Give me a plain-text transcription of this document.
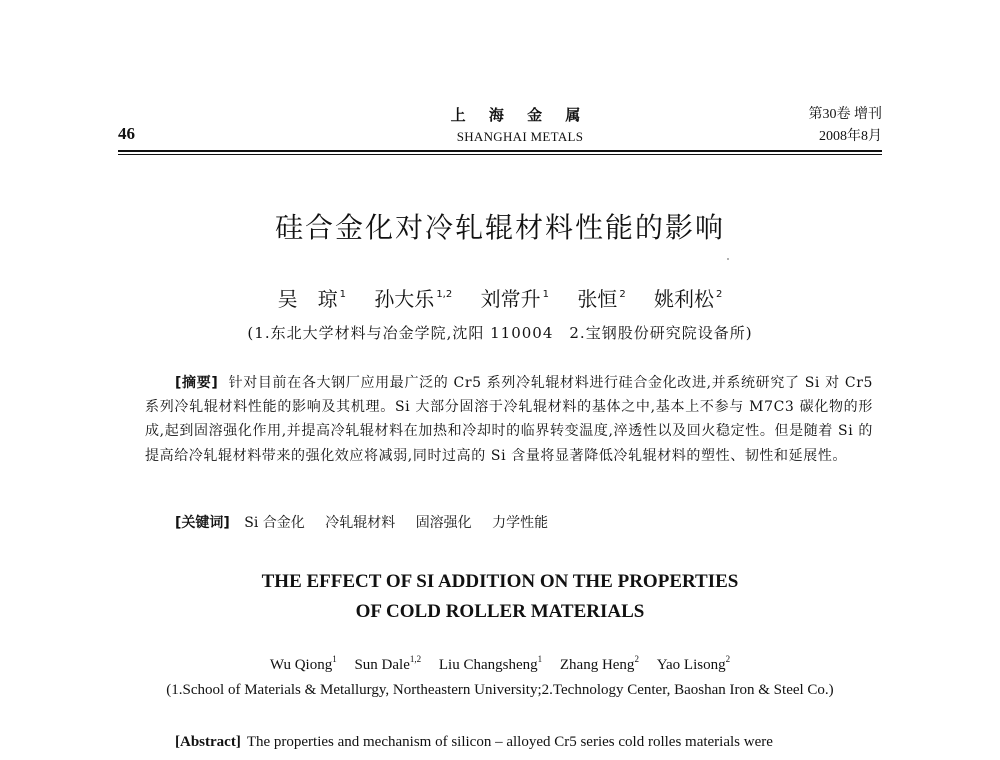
46
上 海 金 属
SHANGHAI METALS
第30卷 增刊
2008年8月
硅合金化对冷轧辊材料性能的影响
吴　琼 $^1$ 孙大乐 $^{1,2}$ 刘常升 $^1$ 张恒 $^2$ 姚利松 $^2$
(1.东北大学材料与冶金学院,沈阳 110004　2.宝钢股份研究院设备所)
[摘要] 针对目前在各大钢厂应用最广泛的 Cr5 系列冷轧辊材料进行硅合金化改进,并系统研究了 Si 对 Cr5 系列冷轧辊材料性能的影响及其机理。Si 大部分固溶于冷轧辊材料的基体之中,基本上不参与 M7C3 碳化物的形成,起到固溶强化作用,并提高冷轧辊材料在加热和冷却时的临界转变温度,淬透性以及回火稳定性。但是随着 Si 的提高给冷轧辊材料带来的强化效应将减弱,同时过高的 Si 含量将显著降低冷轧辊材料的塑性、韧性和延展性。
[关键词] Si 合金化 冷轧辊材料 固溶强化 力学性能
THE EFFECT OF SI ADDITION ON THE PROPERTIES
OF COLD ROLLER MATERIALS
Wu Qiong$^1$ Sun Dale$^{1,2}$ Liu Changsheng$^1$ Zhang Heng$^2$ Yao Lisong$^2$
(1.School of Materials & Metallurgy, Northeastern University;2.Technology Center, Baoshan Iron & Steel Co.)
[Abstract] The properties and mechanism of silicon – alloyed Cr5 series cold rolles materials were
